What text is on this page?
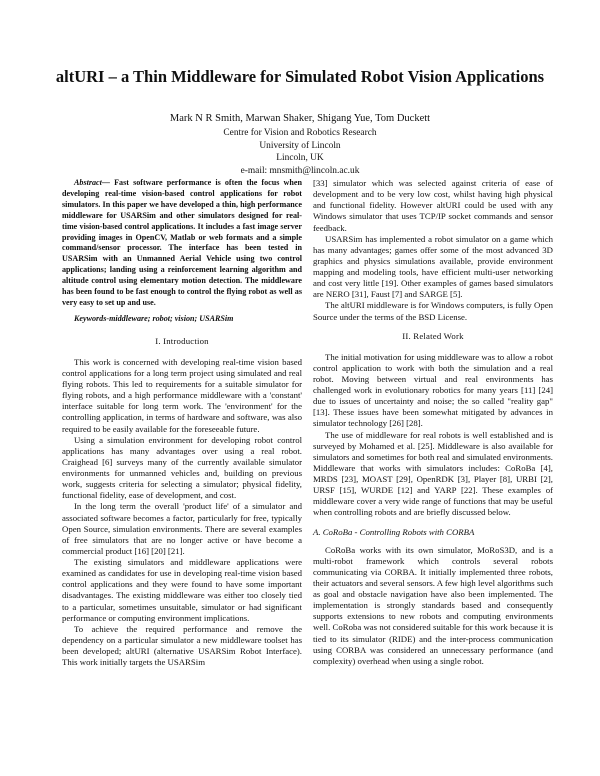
altURI – a Thin Middleware for Simulated Robot Vision Applications
Mark N R Smith, Marwan Shaker, Shigang Yue, Tom Duckett
Centre for Vision and Robotics Research
University of Lincoln
Lincoln, UK
e-mail: mnsmith@lincoln.ac.uk

Abstract— Fast software performance is often the focus when developing real-time vision-based control applications for robot simulators. In this paper we have developed a thin, high performance middleware for USARSim and other simulators designed for real-time vision-based control applications. It includes a fast image server providing images in OpenCV, Matlab or web formats and a simple command/sensor processor. The interface has been tested in USARSim with an Unmanned Aerial Vehicle using two control applications; landing using a reinforcement learning algorithm and altitude control using elementary motion detection. The middleware has been found to be fast enough to control the flying robot as well as very easy to set up and use.

Keywords-middleware; robot; vision; USARSim

I. Introduction

This work is concerned with developing real-time vision based control applications for a long term project using simulated and real flying robots. This led to requirements for a suitable simulator for flying robots, and a high performance middleware with a 'constant' interface suitable for long term work. The 'environment' for the controlling application, in terms of hardware and software, was also required to be easily available for the foreseeable future.

Using a simulation environment for developing robot control applications has many advantages over using a real robot. Craighead [6] surveys many of the currently available simulator environments for unmanned vehicles and, building on previous work, suggests criteria for selecting a simulator; physical fidelity, functional fidelity, ease of development, and cost.

In the long term the overall 'product life' of a simulator and associated software becomes a factor, particularly for free, typically Open Source, simulation environments. There are several examples of free simulators that are no longer active or have become a commercial product [16] [20] [21].

The existing simulators and middleware applications were examined as candidates for use in developing real-time vision based control applications and they were found to have some important disadvantages. The existing middleware was either too closely tied to a particular, sometimes unsuitable, simulator or had significant performance or computing environment implications.

To achieve the required performance and remove the dependency on a particular simulator a new middleware toolset has been developed; altURI (alternative USARSim Robot Interface). This work initially targets the USARSim

[33] simulator which was selected against criteria of ease of development and to be very low cost, whilst having high physical and functional fidelity. However altURI could be used with any Windows simulator that uses TCP/IP socket commands and sensor feedback.

USARSim has implemented a robot simulator on a game which has many advantages; games offer some of the most advanced 3D graphics and physics simulations available, provide environment mapping and modeling tools, have efficient multi-user networking and cost very little [19]. Other examples of games based simulators are NERO [31], Faust [7] and SARGE [5].

The altURI middleware is for Windows computers, is fully Open Source under the terms of the BSD License.

II. Related Work

The initial motivation for using middleware was to allow a robot control application to work with both the simulation and a real robot. Moving between virtual and real environments has challenged work in evolutionary robotics for many years [11] [24] due to issues of uncertainty and noise; the so called "reality gap" [13]. These issues have been somewhat mitigated by advances in simulator technology [26] [28].

The use of middleware for real robots is well established and is surveyed by Mohamed et al. [25]. Middleware is also available for simulators and sometimes for both real and simulated environments. Middleware that works with simulators includes: CoRoBa [4], MRDS [23], MOAST [29], OpenRDK [3], Player [8], URBI [2], URSF [15], WURDE [12] and YARP [22]. These examples of middleware cover a very wide range of functions that may be useful when controlling robots and are briefly discussed below.

A. CoRoBa - Controlling Robots with CORBA

CoRoBa works with its own simulator, MoRoS3D, and is a multi-robot framework which controls several robots communicating via CORBA. It initially implemented three robots, their actuators and several sensors. A few high level algorithms such as goal and obstacle navigation have also been implemented. The implementation is strongly standards based and consequently supports extensions to new robots and computing environments well. CoRoba was not considered suitable for this work because it is tied to its simulator (RIDE) and the inter-process communication using CORBA was considered an unnecessary performance (and complexity) overhead when using a single robot.
